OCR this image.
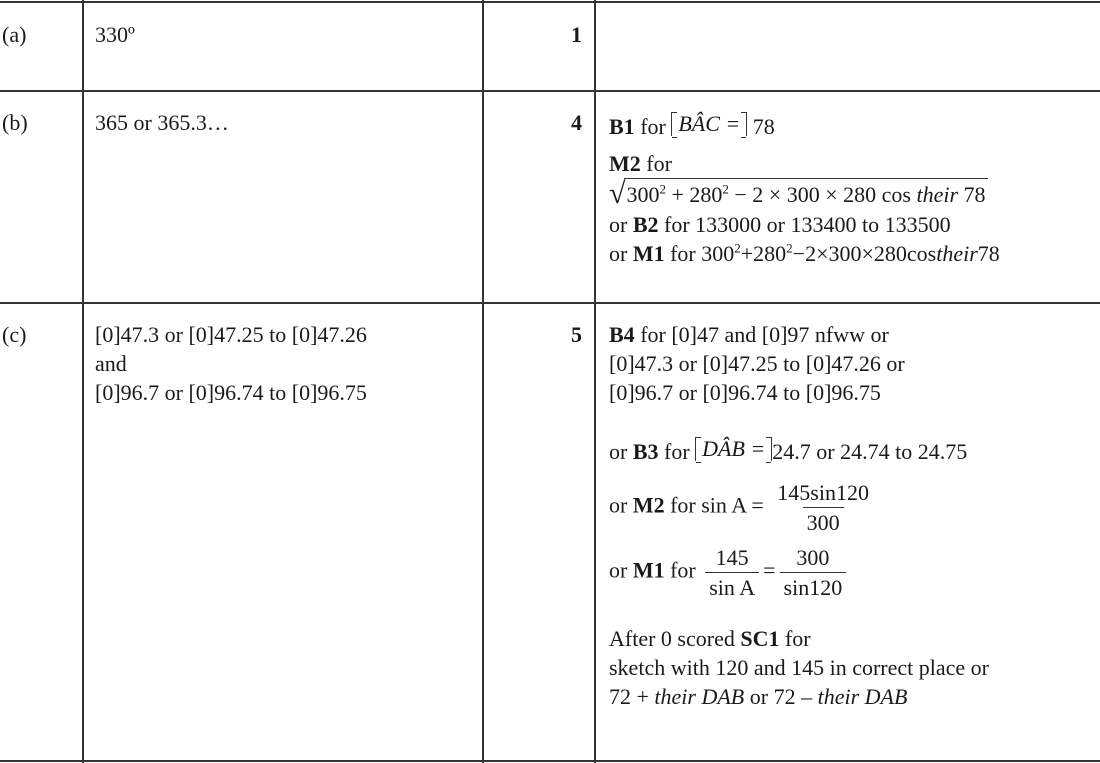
(a)	330º	1
(b)	365 or 365.3…	4 B1 for BÂC = 78
M2 for
√ $300^2 + 280^2 - 2 \times 300 \times 280$ cos their 78
or B2 for 133000 or 133400 to 133500
or M1 for $300^2+280^2-2\times 300\times 280costheir78$
(c)	[0]47.3 or [0]47.25 to [0]47.26
and
[0]96.7 or [0]96.74 to [0]96.75
5 B4 for [0]47 and [0]97 nfww or
[0]47.3 or [0]47.25 to [0]47.26 or
[0]96.7 or [0]96.74 to [0]96.75
or B3 for DÂB = 24.7 or 24.74 to 24.75
or M2 for $\sin A = \frac{145\sin 120}{300}$
or M1 for $\frac{145}{\text{sin A}} = \frac{300}{\sin 120}$
After 0 scored SC1 for
sketch with 120 and 145 in correct place or
72 + their DAB or 72 – their DAB
